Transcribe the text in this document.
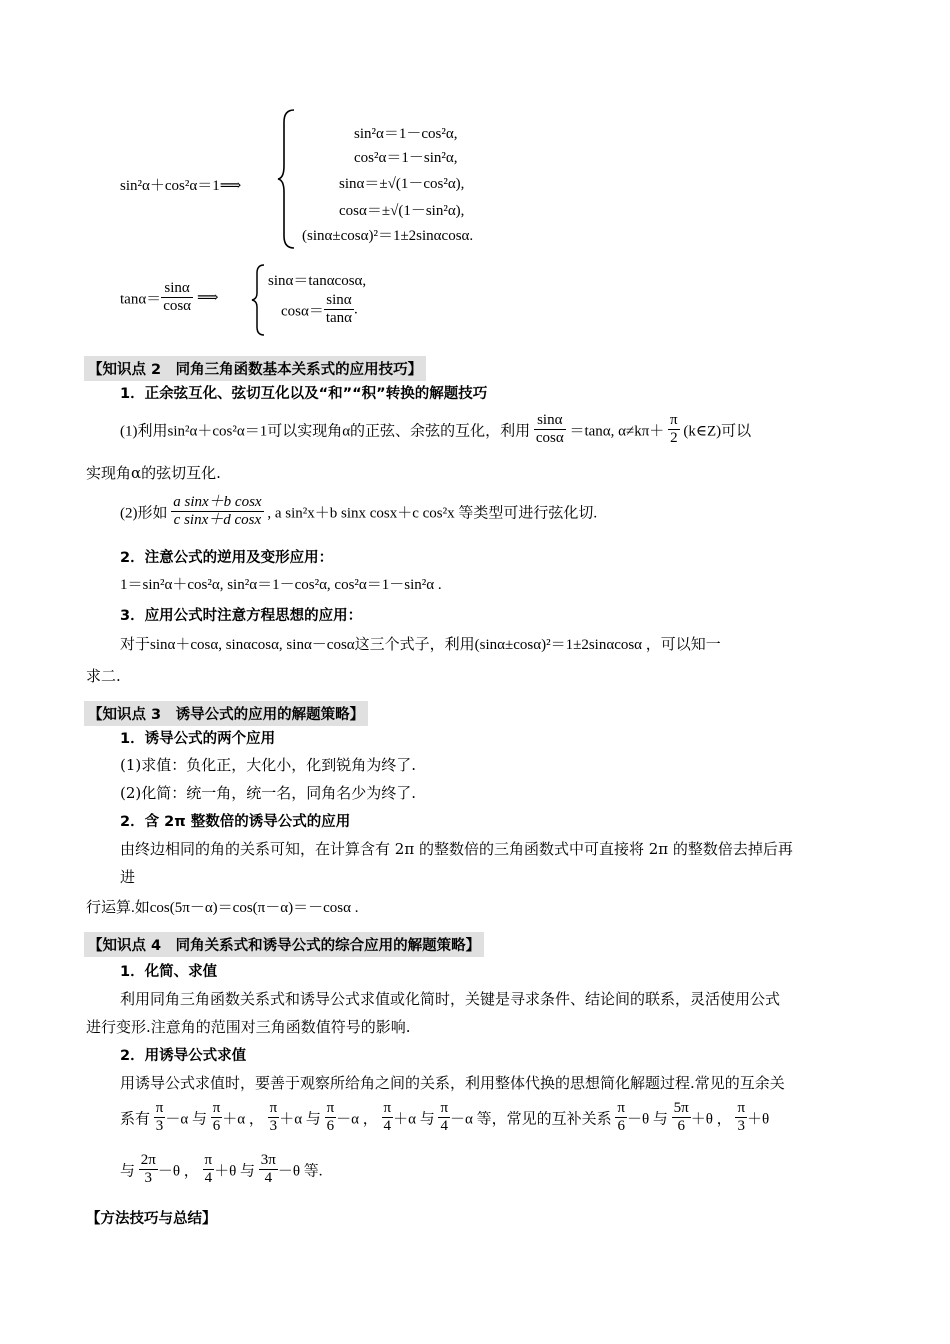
sin²α＋cos²α＝1⟹
sin²α＝1－cos²α,
cos²α＝1－sin²α,
sinα＝±√(1－cos²α),
cosα＝±√(1－sin²α),
(sinα±cosα)²＝1±2sinαcosα.
$\tan\alpha= \frac{\sin\alpha}{\cos\alpha}$ ⟹
sinα＝tanαcosα,
$\cos\alpha= \frac{\sin\alpha}{\tan\alpha}$ .
【知识点 2　同角三角函数基本关系式的应用技巧】
1．正余弦互化、弦切互化以及“和”“积”转换的解题技巧
(1)利用sin²α＋cos²α＝1可以实现角α的正弦、余弦的互化，利用 $\frac{\sin\alpha}{\cos\alpha} =\tan\alpha$, $\alpha\ne k\pi+ \frac{\pi}{2}$ (k∈Z)可以
实现角α的弦切互化.
(2)形如 $\frac{\text{a sinx＋b cosx}}{\text{c sinx＋d cosx}}$ , a sin²x＋b sinx cosx＋c cos²x 等类型可进行弦化切.
2．注意公式的逆用及变形应用：
1＝sin²α＋cos²α, sin²α＝1－cos²α, cos²α＝1－sin²α .
3．应用公式时注意方程思想的应用：
对于sinα＋cosα, sinαcosα, sinα－cosα这三个式子，利用(sinα±cosα)²＝1±2sinαcosα ，可以知一
求二.
【知识点 3　诱导公式的应用的解题策略】
1．诱导公式的两个应用
(1)求值：负化正，大化小，化到锐角为终了.
(2)化简：统一角，统一名，同角名少为终了.
2．含 2π 整数倍的诱导公式的应用
由终边相同的角的关系可知，在计算含有 2π 的整数倍的三角函数式中可直接将 2π 的整数倍去掉后再
进
行运算.如cos(5π－α)＝cos(π－α)＝－cosα .
【知识点 4　同角关系式和诱导公式的综合应用的解题策略】
1．化简、求值
利用同角三角函数关系式和诱导公式求值或化简时，关键是寻求条件、结论间的联系，灵活使用公式
进行变形.注意角的范围对三角函数值符号的影响.
2．用诱导公式求值
用诱导公式求值时，要善于观察所给角之间的关系，利用整体代换的思想简化解题过程.常见的互余关
系有 $\frac{\pi}{3} -\alpha$ 与 $\frac{\pi}{6} +\alpha$ ， $\frac{\pi}{3} +\alpha$ 与 $\frac{\pi}{6} -\alpha$ ， $\frac{\pi}{4} +\alpha$ 与 $\frac{\pi}{4} -\alpha$ 等，常见的互补关系 $\frac{\pi}{6} -\theta$ 与 $\frac{5\pi}{6} +\theta$ ， $\frac{\pi}{3} +\theta$
与 $\frac{2\pi}{3} -\theta$ ， $\frac{\pi}{4} +\theta$ 与 $\frac{3\pi}{4} -\theta$ 等.
【方法技巧与总结】
